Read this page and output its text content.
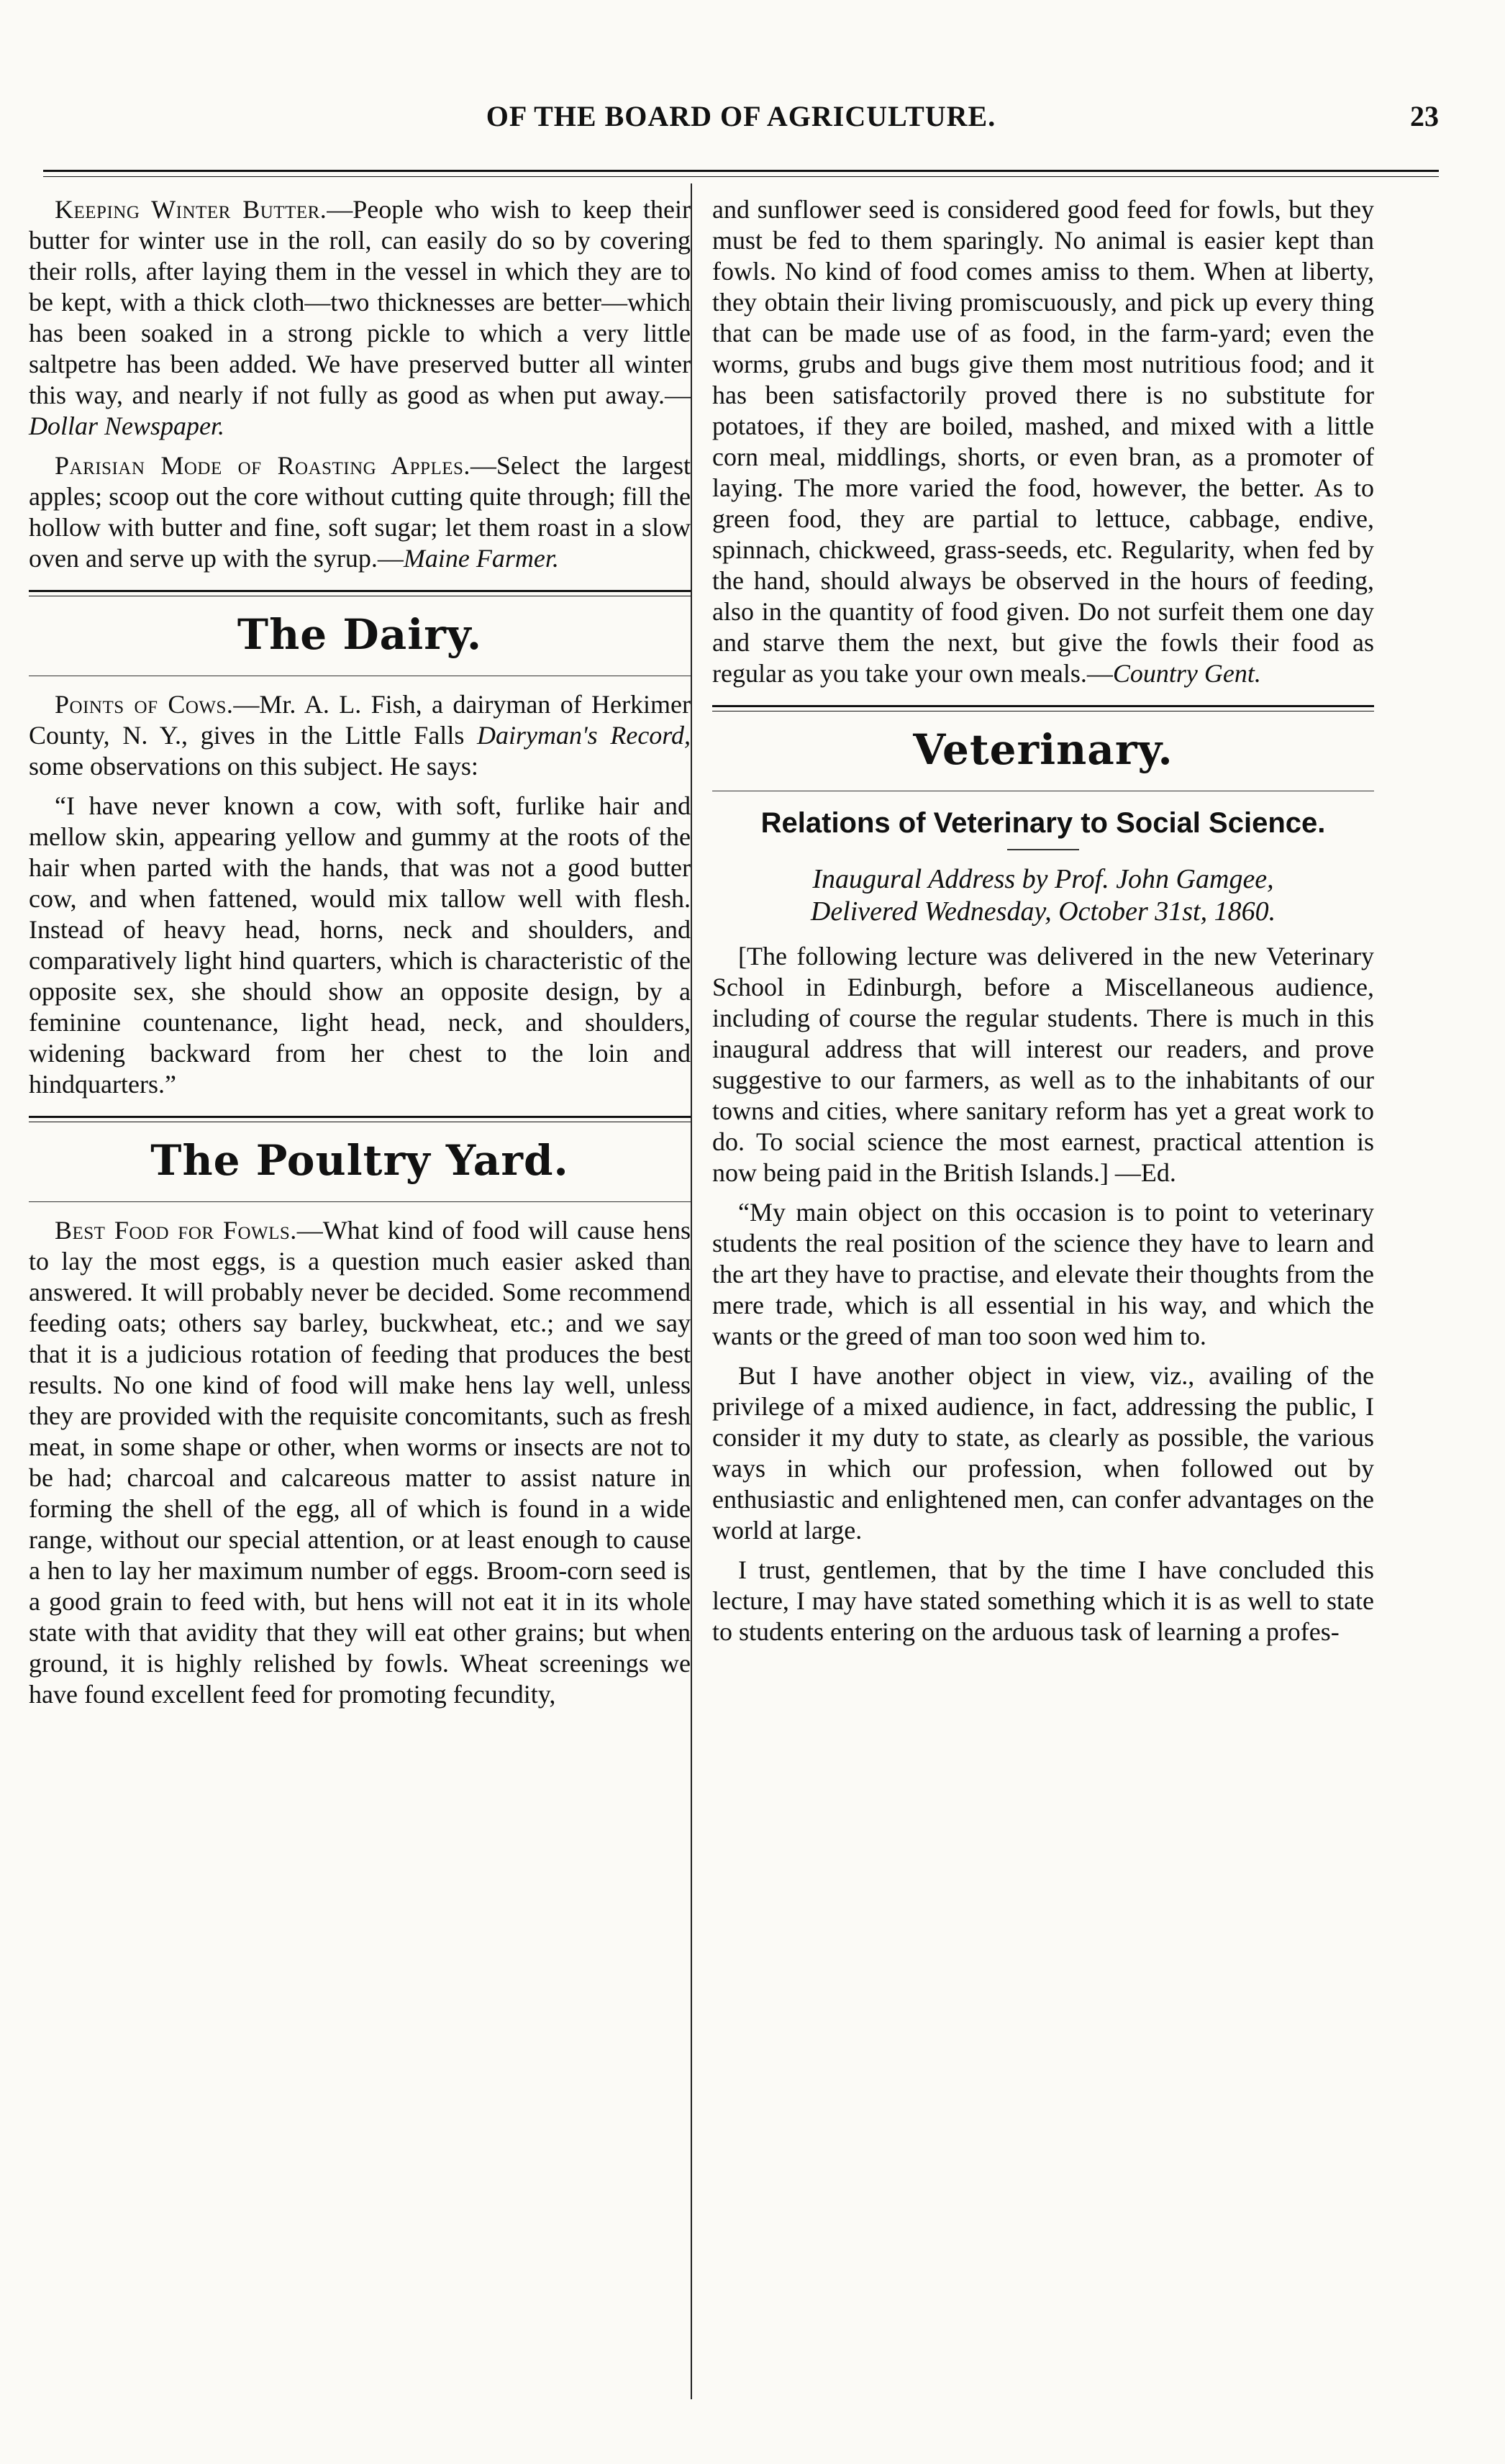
OF THE BOARD OF AGRICULTURE.	23

Keeping Winter Butter.—People who wish to keep their butter for winter use in the roll, can easily do so by covering their rolls, after laying them in the vessel in which they are to be kept, with a thick cloth—two thicknesses are better—which has been soaked in a strong pickle to which a very little saltpetre has been added. We have preserved butter all winter this way, and nearly if not fully as good as when put away.—Dollar Newspaper.

Parisian Mode of Roasting Apples.—Select the largest apples; scoop out the core without cutting quite through; fill the hollow with butter and fine, soft sugar; let them roast in a slow oven and serve up with the syrup.—Maine Farmer.

The Dairy.

Points of Cows.—Mr. A. L. Fish, a dairyman of Herkimer County, N. Y., gives in the Little Falls Dairyman's Record, some observations on this subject. He says:

“I have never known a cow, with soft, furlike hair and mellow skin, appearing yellow and gummy at the roots of the hair when parted with the hands, that was not a good butter cow, and when fattened, would mix tallow well with flesh. Instead of heavy head, horns, neck and shoulders, and comparatively light hind quarters, which is characteristic of the opposite sex, she should show an opposite design, by a feminine countenance, light head, neck, and shoulders, widening backward from her chest to the loin and hindquarters.”

The Poultry Yard.

Best Food for Fowls.—What kind of food will cause hens to lay the most eggs, is a question much easier asked than answered. It will probably never be decided. Some recommend feeding oats; others say barley, buckwheat, etc.; and we say that it is a judicious rotation of feeding that produces the best results. No one kind of food will make hens lay well, unless they are provided with the requisite concomitants, such as fresh meat, in some shape or other, when worms or insects are not to be had; charcoal and calcareous matter to assist nature in forming the shell of the egg, all of which is found in a wide range, without our special attention, or at least enough to cause a hen to lay her maximum number of eggs. Broom-corn seed is a good grain to feed with, but hens will not eat it in its whole state with that avidity that they will eat other grains; but when ground, it is highly relished by fowls. Wheat screenings we have found excellent feed for promoting fecundity,

and sunflower seed is considered good feed for fowls, but they must be fed to them sparingly. No animal is easier kept than fowls. No kind of food comes amiss to them. When at liberty, they obtain their living promiscuously, and pick up every thing that can be made use of as food, in the farm-yard; even the worms, grubs and bugs give them most nutritious food; and it has been satisfactorily proved there is no substitute for potatoes, if they are boiled, mashed, and mixed with a little corn meal, middlings, shorts, or even bran, as a promoter of laying. The more varied the food, however, the better. As to green food, they are partial to lettuce, cabbage, endive, spinnach, chickweed, grass-seeds, etc. Regularity, when fed by the hand, should always be observed in the hours of feeding, also in the quantity of food given. Do not surfeit them one day and starve them the next, but give the fowls their food as regular as you take your own meals.—Country Gent.

Veterinary.
Relations of Veterinary to Social Science.
Inaugural Address by Prof. John Gamgee,
Delivered Wednesday, October 31st, 1860.

[The following lecture was delivered in the new Veterinary School in Edinburgh, before a Miscellaneous audience, including of course the regular students. There is much in this inaugural address that will interest our readers, and prove suggestive to our farmers, as well as to the inhabitants of our towns and cities, where sanitary reform has yet a great work to do. To social science the most earnest, practical attention is now being paid in the British Islands.] —Ed.

“My main object on this occasion is to point to veterinary students the real position of the science they have to learn and the art they have to practise, and elevate their thoughts from the mere trade, which is all essential in his way, and which the wants or the greed of man too soon wed him to.

But I have another object in view, viz., availing of the privilege of a mixed audience, in fact, addressing the public, I consider it my duty to state, as clearly as possible, the various ways in which our profession, when followed out by enthusiastic and enlightened men, can confer advantages on the world at large.

I trust, gentlemen, that by the time I have concluded this lecture, I may have stated something which it is as well to state to students entering on the arduous task of learning a profes-
